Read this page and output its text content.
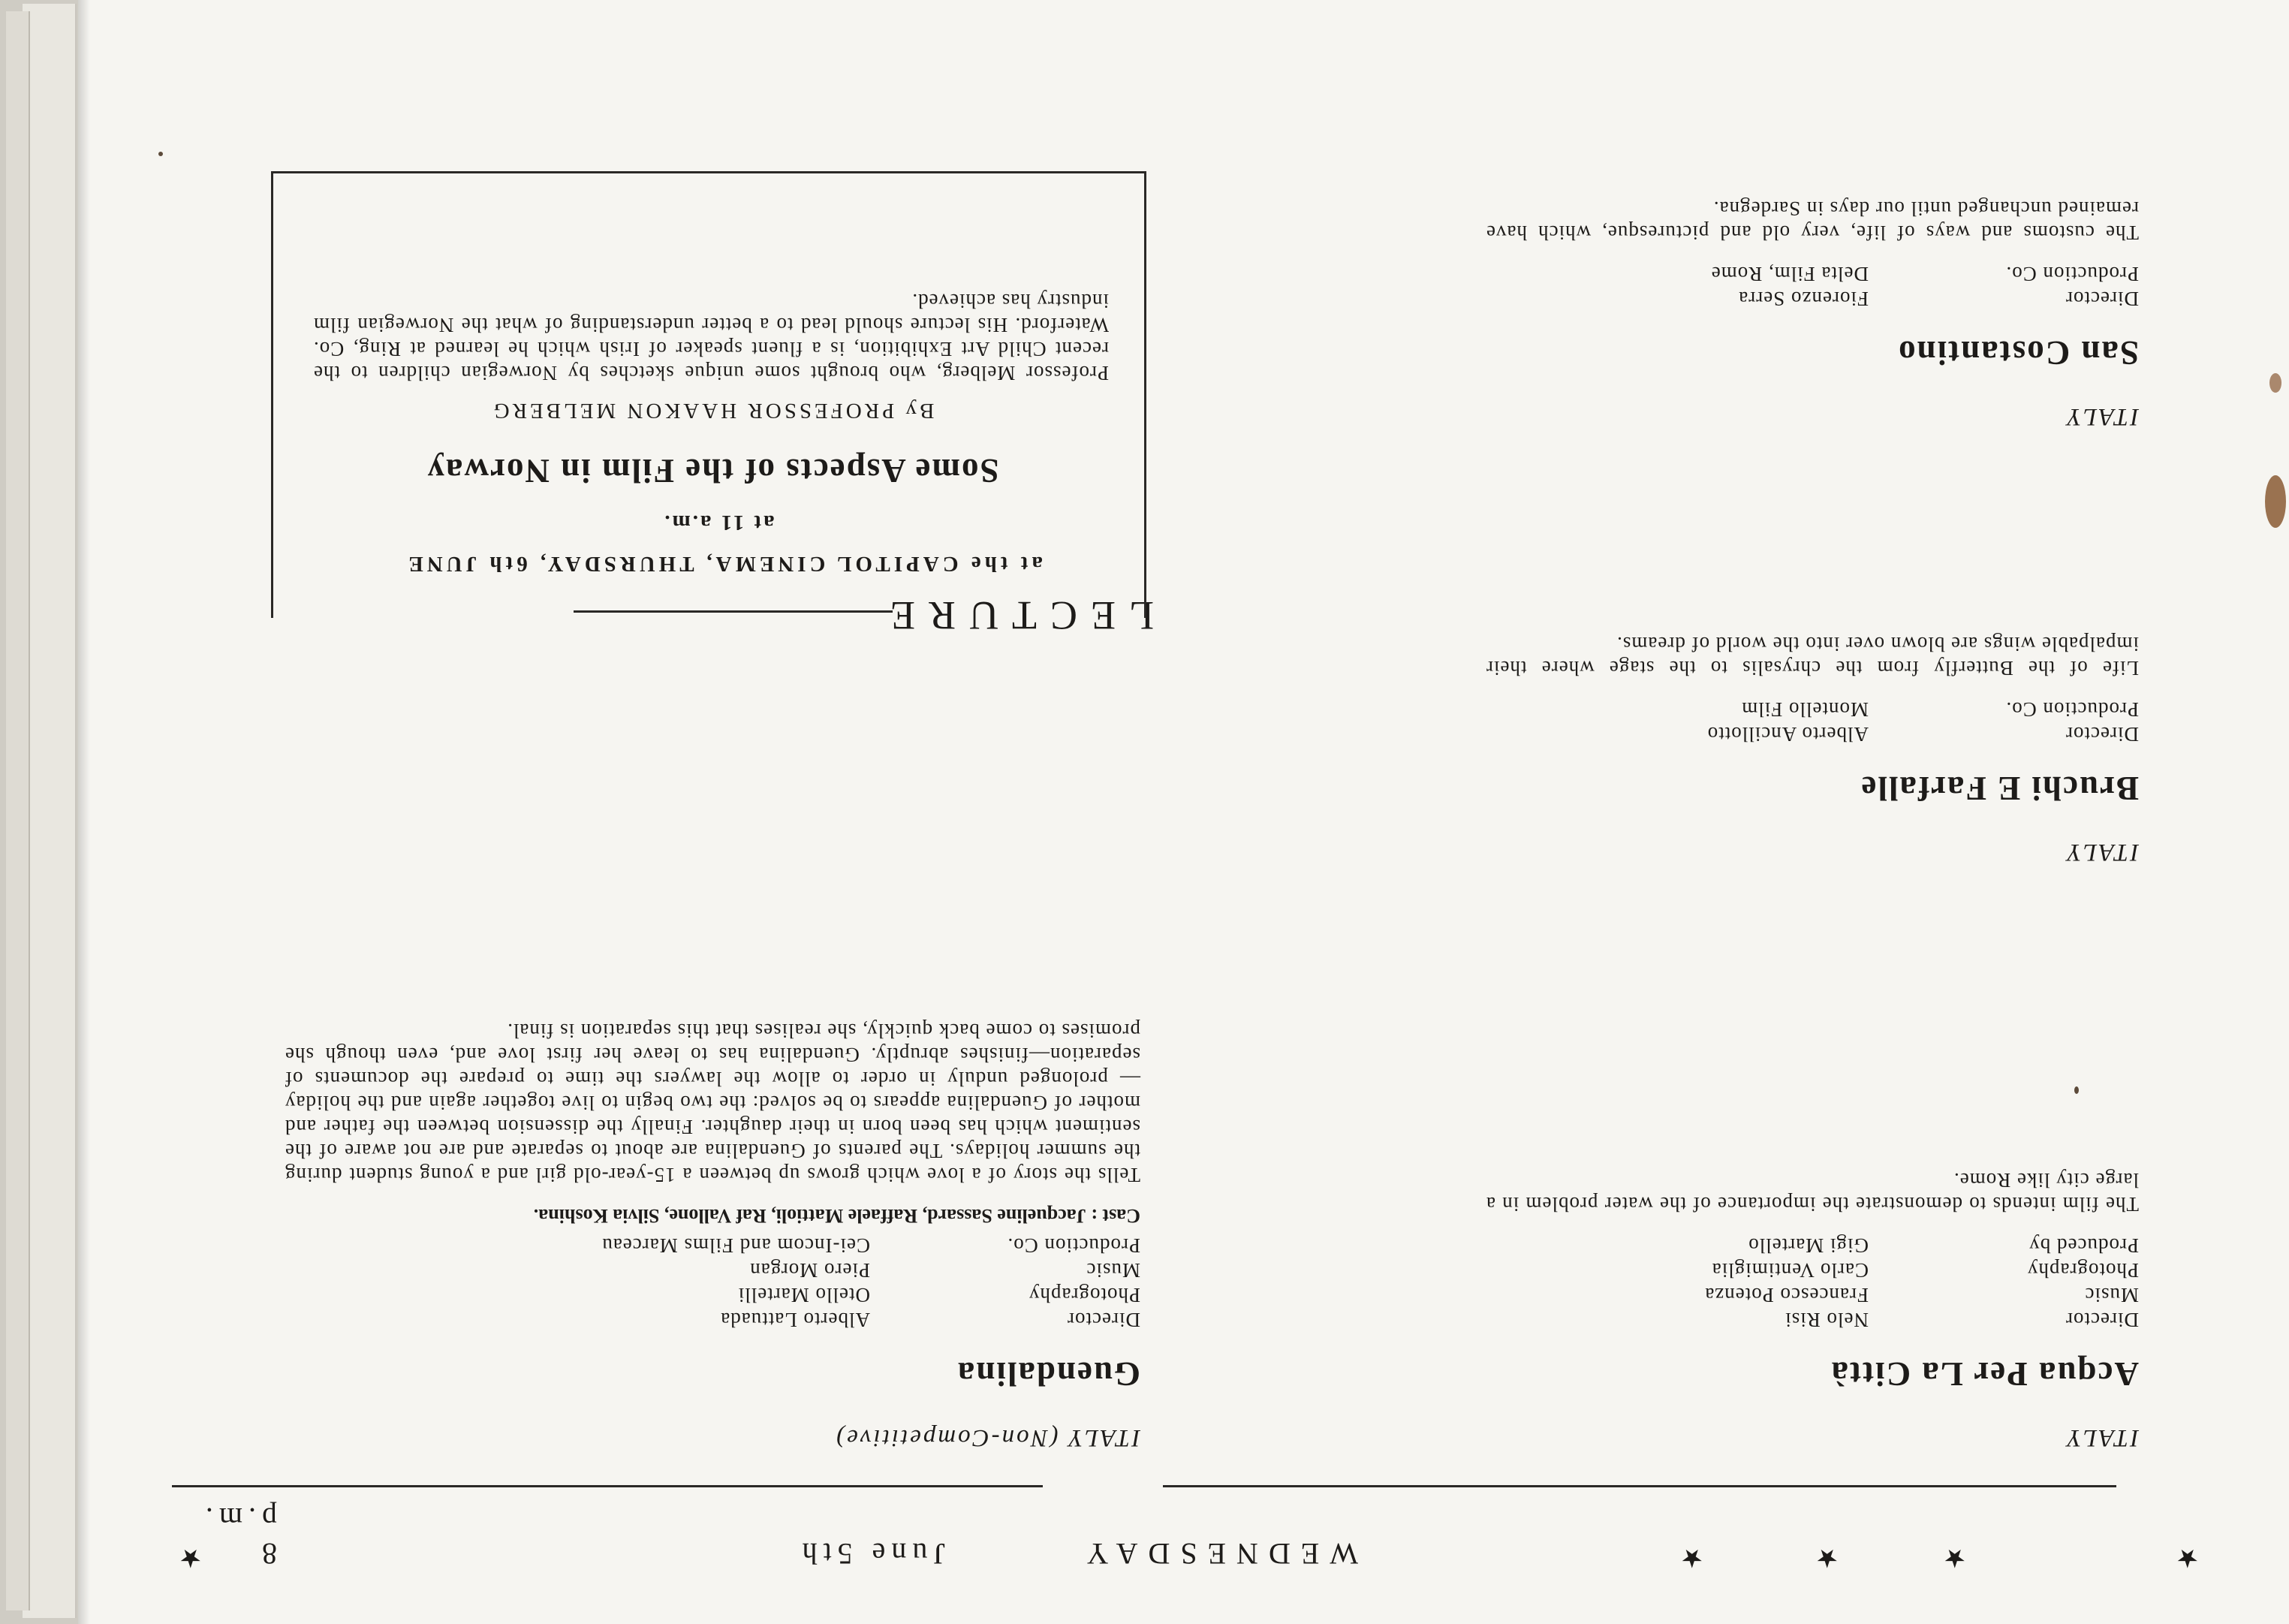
★
★
★
★
WEDNESDAY
June 5th
8 p.m.
★
ITALY
Acqua Per La Città
Director
Nelo Risi
Music
Francesco Potenza
Photography
Carlo Ventimiglia
Produced by
Gigi Martello
The film intends to demonstrate the importance of the water problem in a large city like Rome.
ITALY
Bruchi E Farfalle
Director
Alberto Ancillotto
Production Co.
Montello Film
Life of the Butterfly from the chrysalis to the stage where their impalpable wings are blown over into the world of dreams.
ITALY
San Costantino
Director
Fiorenzo Serra
Production Co.
Delta Film, Rome
The customs and ways of life, very old and picturesque, which have remained unchanged until our days in Sardegna.
ITALY (Non-Competitive)
Guendalina
Director
Alberto Lattuada
Photography
Otello Martelli
Music
Piero Morgan
Production Co.
Cei-Incom and Films Marceau
Cast : Jacqueline Sassard, Raffaele Mattioli, Raf Vallone, Silvia Koshina.
Tells the story of a love which grows up between a 15-year-old girl and a young student during the summer holidays. The parents of Guendalina are about to separate and are not aware of the sentiment which has been born in their daughter. Finally the dissension between the father and mother of Guendalina appears to be solved: the two begin to live together again and the holiday — prolonged unduly in order to allow the lawyers the time to prepare the documents of separation—finishes abruptly. Guendalina has to leave her first love and, even though she promises to come back quickly, she realises that this separation is final.
LECTURE
at the CAPITOL CINEMA, THURSDAY, 6th JUNE
at 11 a.m.
Some Aspects of the Film in Norway
By PROFESSOR HAAKON MELBERG
Professor Melberg, who brought some unique sketches by Norwegian children to the recent Child Art Exhibition, is a fluent speaker of Irish which he learned at Ring, Co. Waterford. His lecture should lead to a better understanding of what the Norwegian film industry has achieved.
